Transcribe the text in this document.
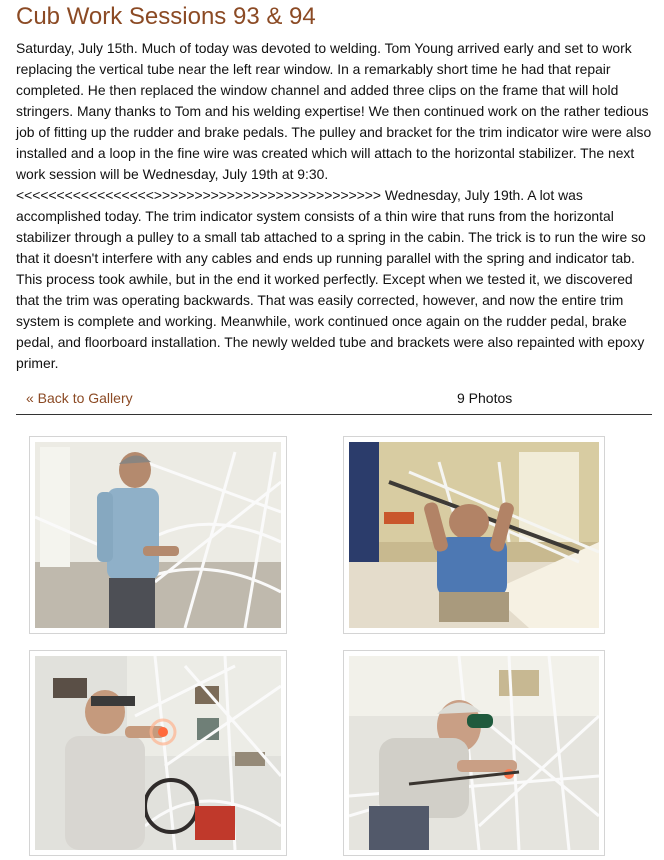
Cub Work Sessions 93 & 94

Saturday, July 15th. Much of today was devoted to welding. Tom Young arrived early and set to work replacing the vertical tube near the left rear window. In a remarkably short time he had that repair completed. He then replaced the window channel and added three clips on the frame that will hold stringers. Many thanks to Tom and his welding expertise! We then continued work on the rather tedious job of fitting up the rudder and brake pedals. The pulley and bracket for the trim indicator wire were also installed and a loop in the fine wire was created which will attach to the horizontal stabilizer. The next work session will be Wednesday, July 19th at 9:30. <<<<<<<<<<<<<<<<<>>>>>>>>>>>>>>>>>>>>>>>>>>>> Wednesday, July 19th. A lot was accomplished today. The trim indicator system consists of a thin wire that runs from the horizontal stabilizer through a pulley to a small tab attached to a spring in the cabin. The trick is to run the wire so that it doesn't interfere with any cables and ends up running parallel with the spring and indicator tab. This process took awhile, but in the end it worked perfectly. Except when we tested it, we discovered that the trim was operating backwards. That was easily corrected, however, and now the entire trim system is complete and working. Meanwhile, work continued once again on the rudder pedal, brake pedal, and floorboard installation. The newly welded tube and brackets were also repainted with epoxy primer.

« Back to Gallery	9 Photos
